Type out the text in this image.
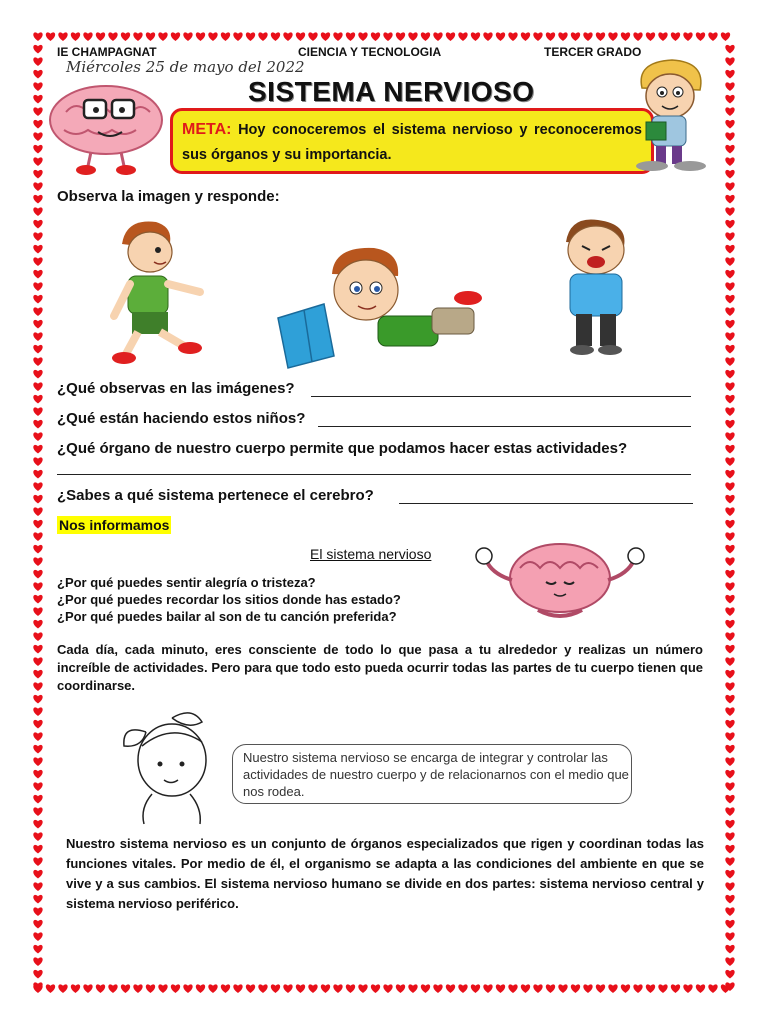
IE CHAMPAGNAT	CIENCIA Y TECNOLOGIA	TERCER GRADO
Miércoles 25 de mayo del 2022
SISTEMA NERVIOSO
META: Hoy conoceremos el sistema nervioso y reconoceremos sus órganos y su importancia.
Observa la imagen y responde:
¿Qué observas en las imágenes?
¿Qué están haciendo estos niños?
¿Qué órgano de nuestro cuerpo permite que podamos hacer estas actividades?
¿Sabes a qué sistema pertenece el cerebro?
Nos informamos
El sistema nervioso
¿Por qué puedes sentir alegría o tristeza?
¿Por qué puedes recordar los sitios donde has estado?
¿Por qué puedes bailar al son de tu canción preferida?
Cada día, cada minuto, eres consciente de todo lo que pasa a tu alrededor y realizas un número increíble de actividades. Pero para que todo esto pueda ocurrir todas las partes de tu cuerpo tienen que coordinarse.
Nuestro sistema nervioso se encarga de integrar y controlar las actividades de nuestro cuerpo y de relacionarnos con el medio que nos rodea.
Nuestro sistema nervioso es un conjunto de órganos especializados que rigen y coordinan todas las funciones vitales. Por medio de él, el organismo se adapta a las condiciones del ambiente en que se vive y a sus cambios. El sistema nervioso humano se divide en dos partes: sistema nervioso central y sistema nervioso periférico.
